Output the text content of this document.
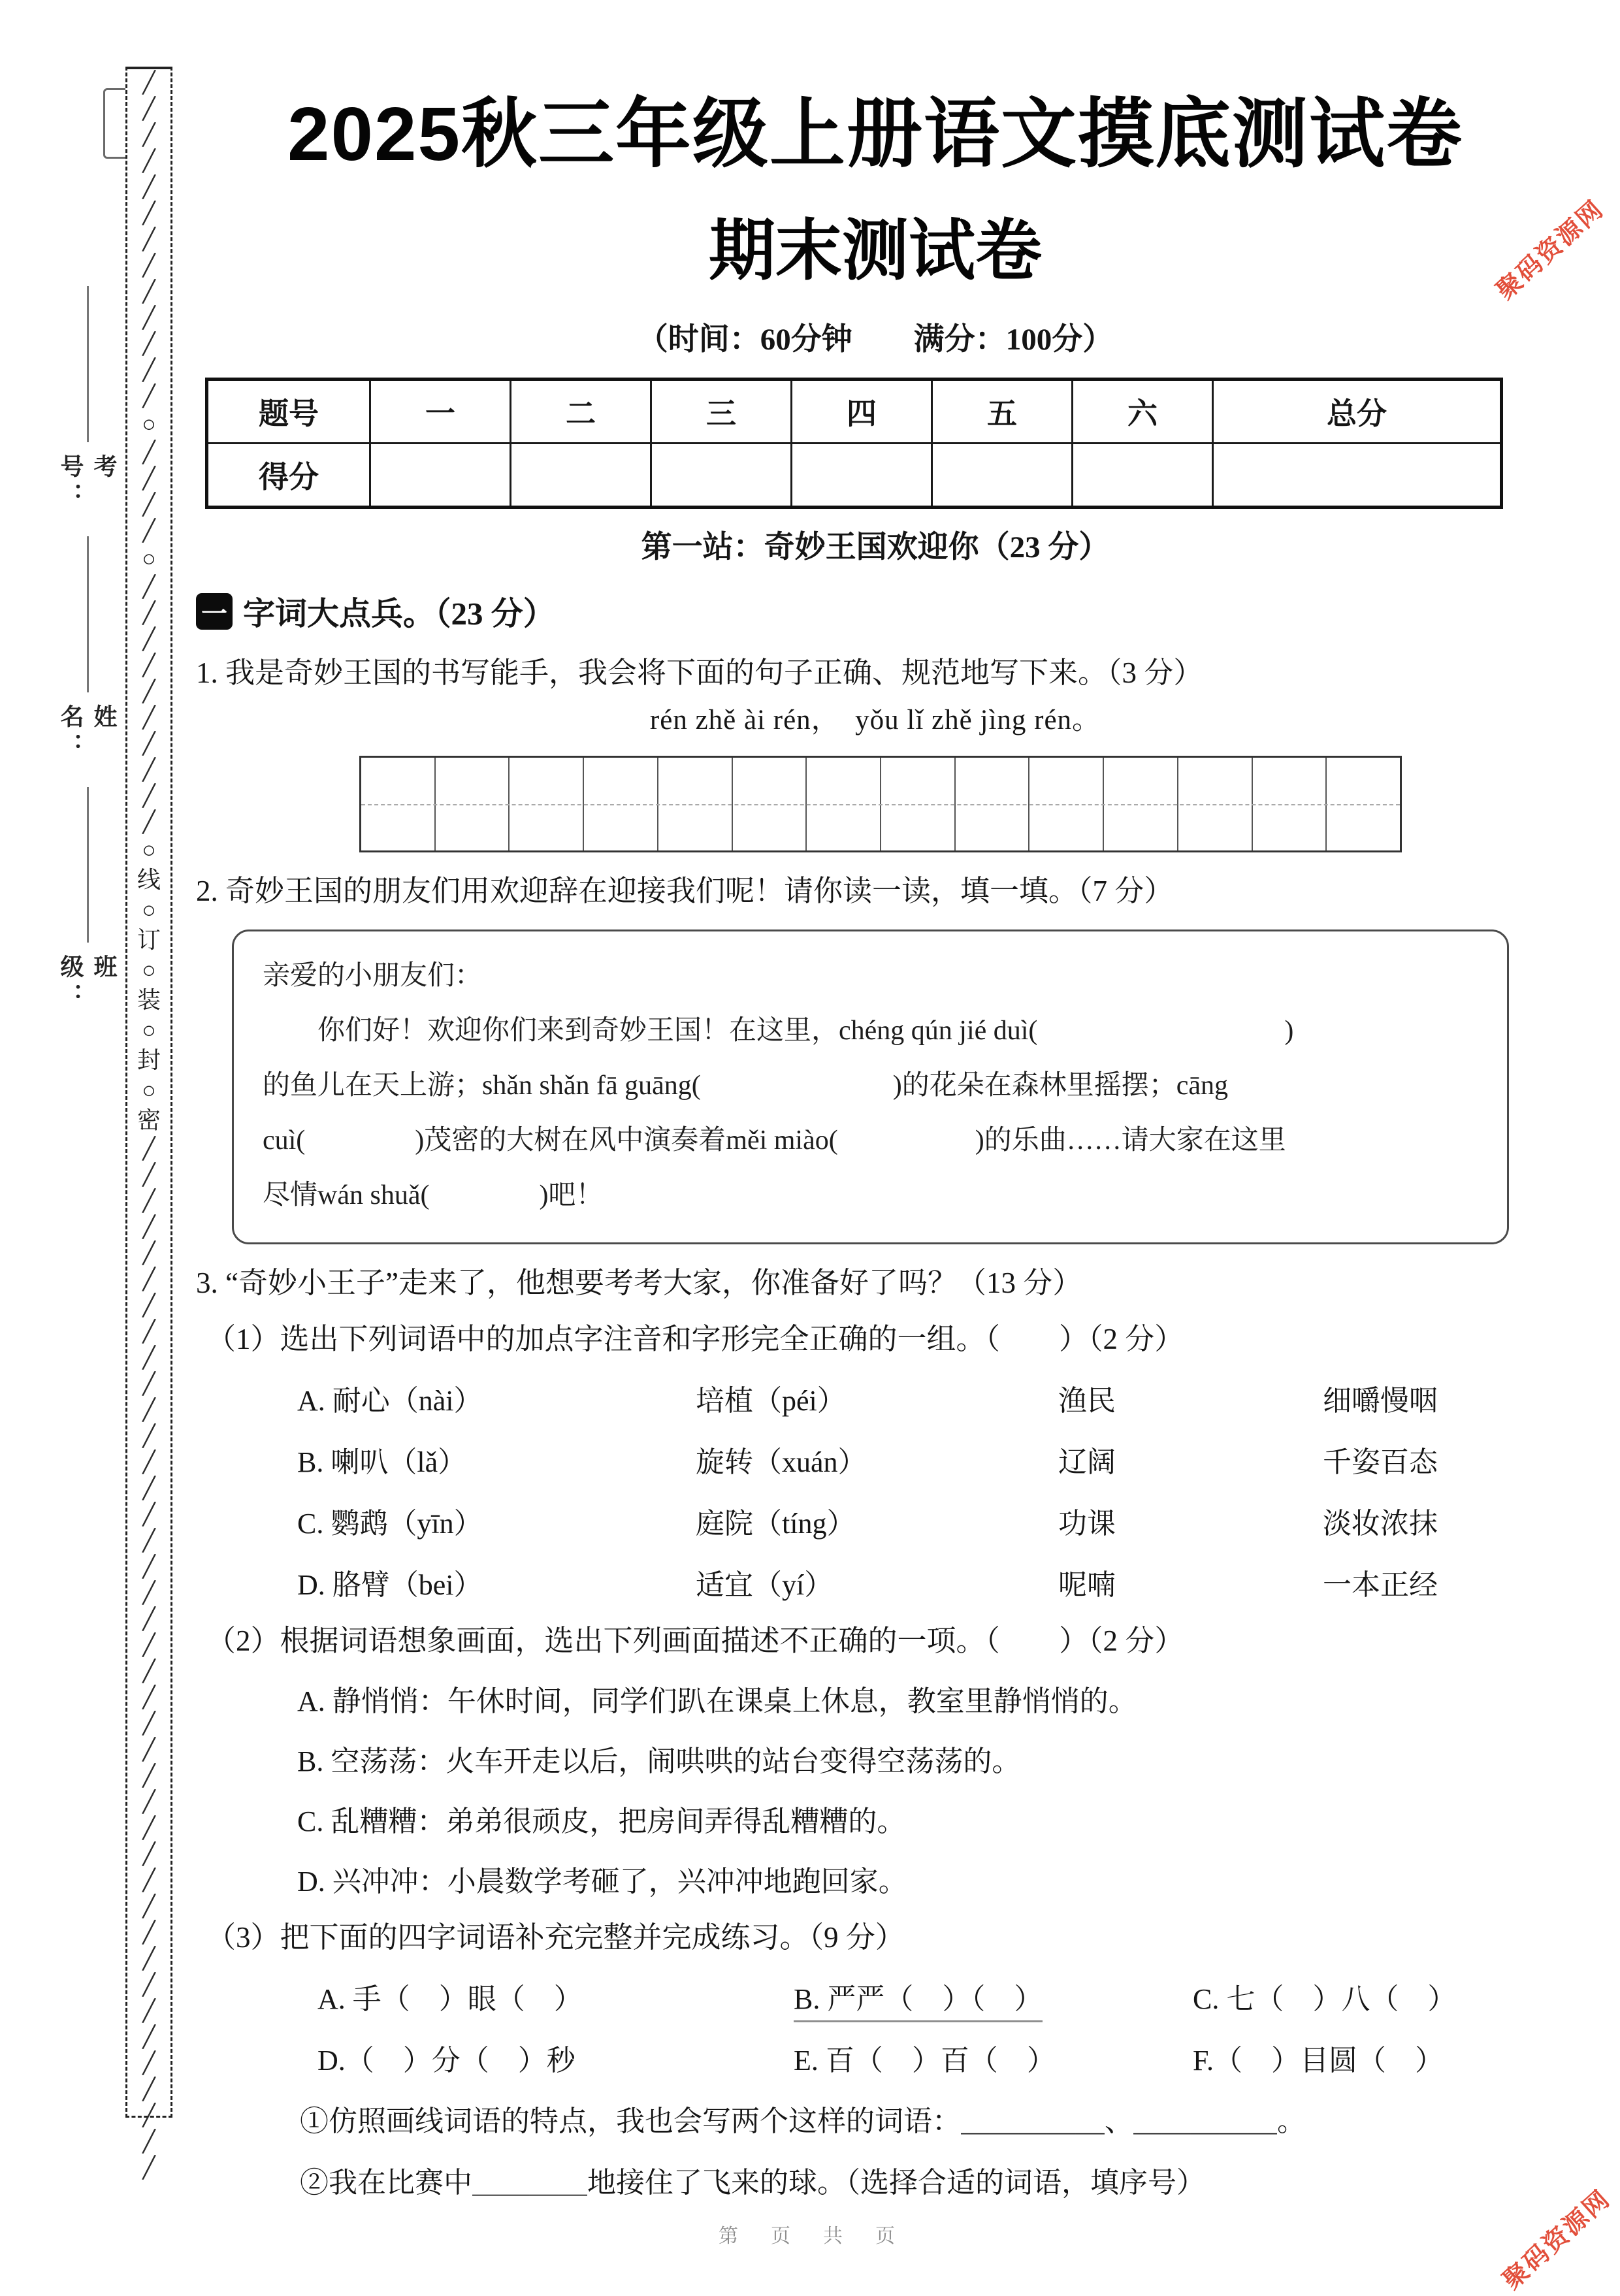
╱
╱
╱
╱
╱
╱
╱
╱
╱
╱
╱
╱
╱
○
╱
╱
╱
╱
○
╱
╱
╱
╱
╱
╱
╱
╱
╱
╱
○
线
○
订
○
装
○
封
○
密
╱
╱
╱
╱
╱
╱
╱
╱
╱
╱
╱
╱
╱
╱
╱
╱
╱
╱
╱
╱
╱
╱
╱
╱
╱
╱
╱
╱
╱
╱
╱
╱
╱
╱
╱
╱
╱
╱
╱
╱
考号：
姓名：
班级：
聚码资源网
聚码资源网
2025秋三年级上册语文摸底测试卷
期末测试卷
（时间：60分钟　　满分：100分）
题号	一	二	三	四	五	六	总分
得分							
第一站：奇妙王国欢迎你（23 分）
一 字词大点兵。（23 分）
1. 我是奇妙王国的书写能手，我会将下面的句子正确、规范地写下来。（3 分）
rén zhě ài rén，  yǒu lǐ zhě jìng rén。
2. 奇妙王国的朋友们用欢迎辞在迎接我们呢！请你读一读，填一填。（7 分）
亲爱的小朋友们：
　　你们好！欢迎你们来到奇妙王国！在这里，chéng qún jié duì(　　　　　　　　　)
的鱼儿在天上游；shǎn shǎn fā guāng(　　　　　　　)的花朵在森林里摇摆；cāng
cuì(　　　　)茂密的大树在风中演奏着měi miào(　　　　　)的乐曲……请大家在这里
尽情wán shuǎ(　　　　)吧！
3. “奇妙小王子”走来了，他想要考考大家，你准备好了吗？（13 分）
（1）选出下列词语中的加点字注音和字形完全正确的一组。（　　）（2 分）
A. 耐心（nài）	培植（péi）	渔民	细嚼慢咽
B. 喇叭（lǎ）	旋转（xuán）	辽阔	千姿百态
C. 鹦鹉（yīn）	庭院（tíng）	功课	淡妆浓抹
D. 胳臂（bei）	适宜（yí）	呢喃	一本正经
（2）根据词语想象画面，选出下列画面描述不正确的一项。（　　）（2 分）
A. 静悄悄：午休时间，同学们趴在课桌上休息，教室里静悄悄的。
B. 空荡荡：火车开走以后，闹哄哄的站台变得空荡荡的。
C. 乱糟糟：弟弟很顽皮，把房间弄得乱糟糟的。
D. 兴冲冲：小晨数学考砸了，兴冲冲地跑回家。
（3）把下面的四字词语补充完整并完成练习。（9 分）
A. 手（　）眼（　）	B. 严严（　）（　）	C. 七（　）八（　）
D.（　）分（　）秒	E. 百（　）百（　）	F.（　）目圆（　）
①仿照画线词语的特点，我也会写两个这样的词语：＿＿＿＿＿、＿＿＿＿＿。
②我在比赛中＿＿＿＿地接住了飞来的球。（选择合适的词语，填序号）
第　页　共　页
